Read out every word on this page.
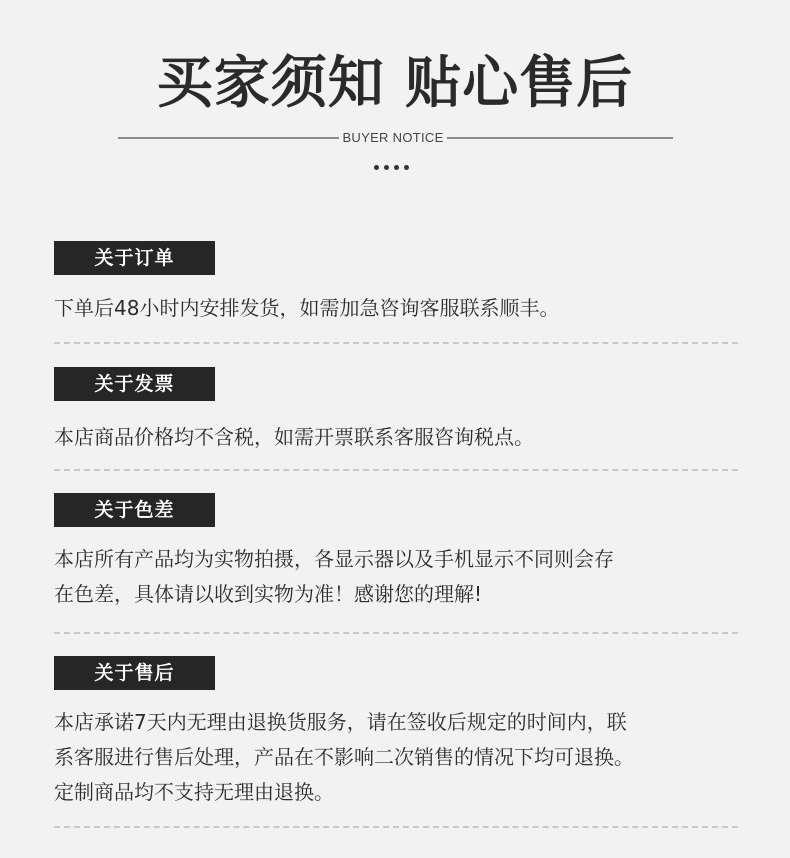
买家须知 贴心售后
BUYER NOTICE
关于订单
下单后48小时内安排发货，如需加急咨询客服联系顺丰。
关于发票
本店商品价格均不含税，如需开票联系客服咨询税点。
关于色差
本店所有产品均为实物拍摄，各显示器以及手机显示不同则会存
在色差，具体请以收到实物为准！感谢您的理解!
关于售后
本店承诺7天内无理由退换货服务，请在签收后规定的时间内，联
系客服进行售后处理，产品在不影响二次销售的情况下均可退换。
定制商品均不支持无理由退换。
